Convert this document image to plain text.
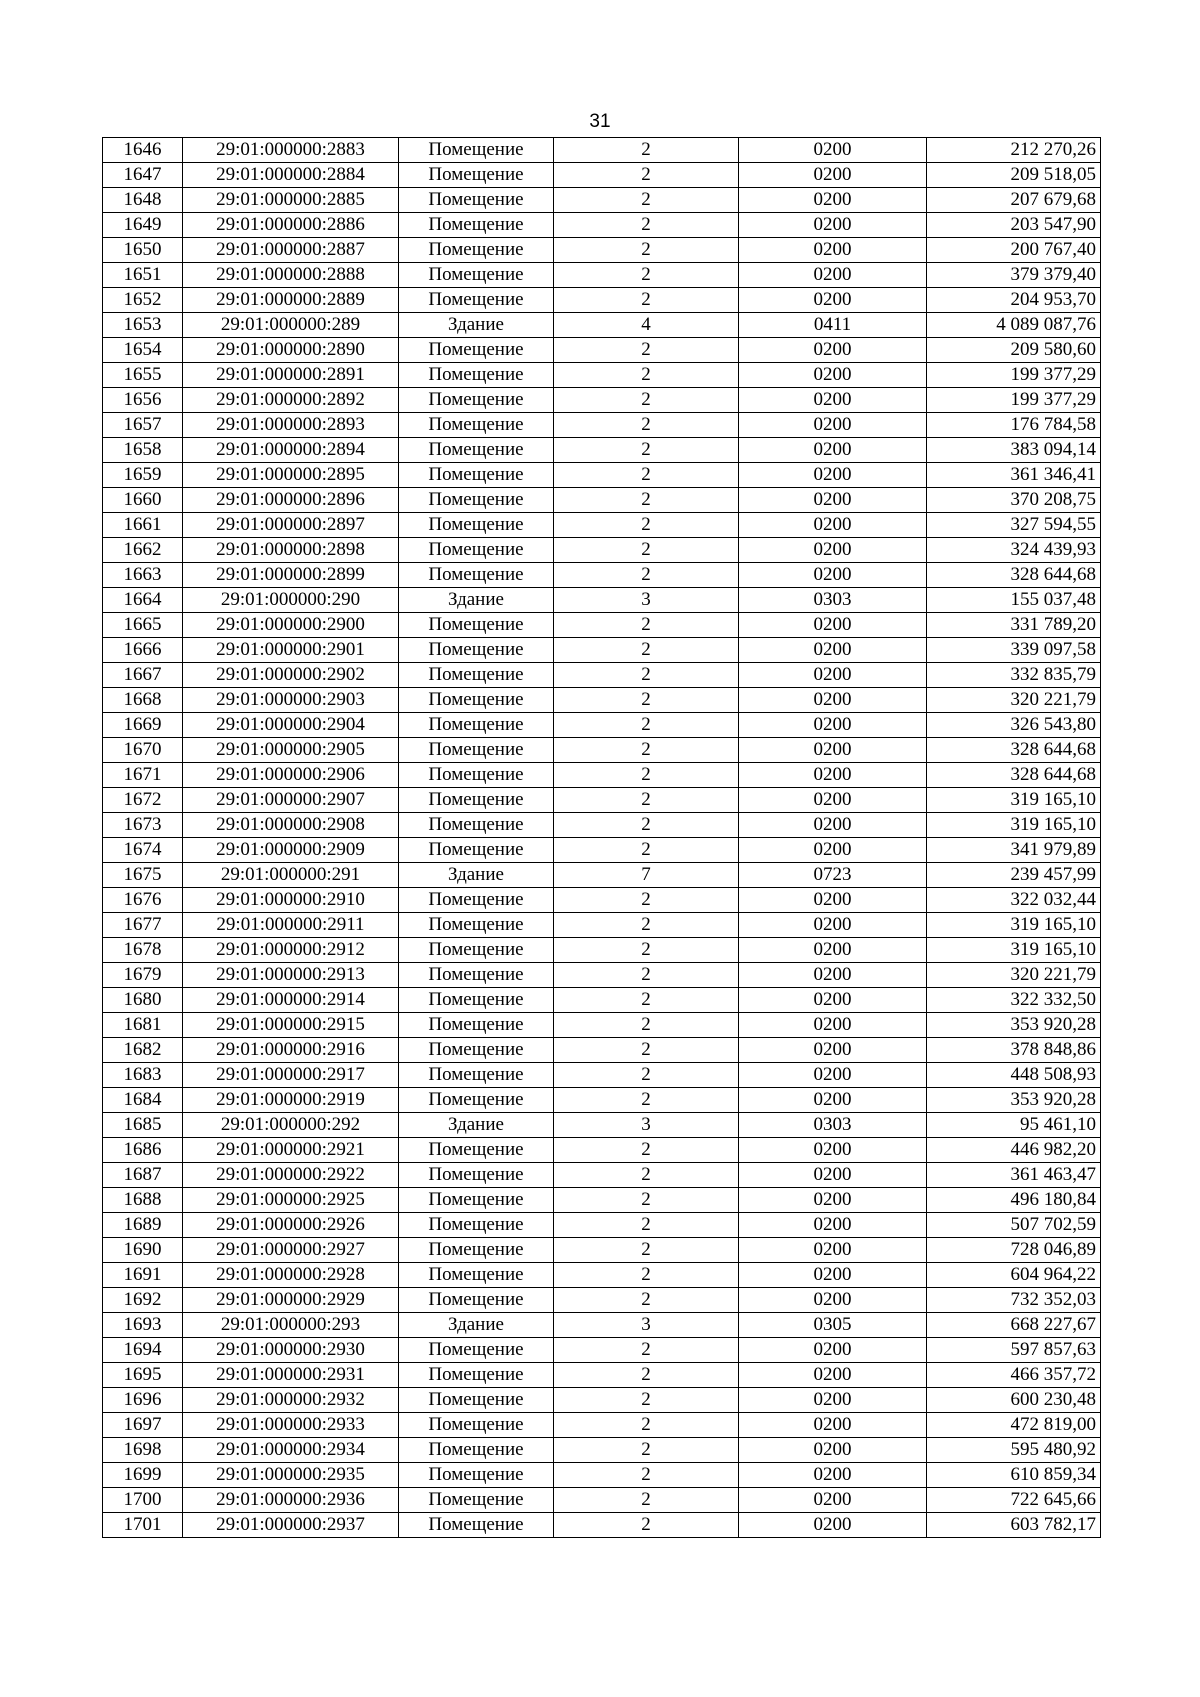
31
1646	29:01:000000:2883	Помещение	2	0200	212 270,26
1647	29:01:000000:2884	Помещение	2	0200	209 518,05
1648	29:01:000000:2885	Помещение	2	0200	207 679,68
1649	29:01:000000:2886	Помещение	2	0200	203 547,90
1650	29:01:000000:2887	Помещение	2	0200	200 767,40
1651	29:01:000000:2888	Помещение	2	0200	379 379,40
1652	29:01:000000:2889	Помещение	2	0200	204 953,70
1653	29:01:000000:289	Здание	4	0411	4 089 087,76
1654	29:01:000000:2890	Помещение	2	0200	209 580,60
1655	29:01:000000:2891	Помещение	2	0200	199 377,29
1656	29:01:000000:2892	Помещение	2	0200	199 377,29
1657	29:01:000000:2893	Помещение	2	0200	176 784,58
1658	29:01:000000:2894	Помещение	2	0200	383 094,14
1659	29:01:000000:2895	Помещение	2	0200	361 346,41
1660	29:01:000000:2896	Помещение	2	0200	370 208,75
1661	29:01:000000:2897	Помещение	2	0200	327 594,55
1662	29:01:000000:2898	Помещение	2	0200	324 439,93
1663	29:01:000000:2899	Помещение	2	0200	328 644,68
1664	29:01:000000:290	Здание	3	0303	155 037,48
1665	29:01:000000:2900	Помещение	2	0200	331 789,20
1666	29:01:000000:2901	Помещение	2	0200	339 097,58
1667	29:01:000000:2902	Помещение	2	0200	332 835,79
1668	29:01:000000:2903	Помещение	2	0200	320 221,79
1669	29:01:000000:2904	Помещение	2	0200	326 543,80
1670	29:01:000000:2905	Помещение	2	0200	328 644,68
1671	29:01:000000:2906	Помещение	2	0200	328 644,68
1672	29:01:000000:2907	Помещение	2	0200	319 165,10
1673	29:01:000000:2908	Помещение	2	0200	319 165,10
1674	29:01:000000:2909	Помещение	2	0200	341 979,89
1675	29:01:000000:291	Здание	7	0723	239 457,99
1676	29:01:000000:2910	Помещение	2	0200	322 032,44
1677	29:01:000000:2911	Помещение	2	0200	319 165,10
1678	29:01:000000:2912	Помещение	2	0200	319 165,10
1679	29:01:000000:2913	Помещение	2	0200	320 221,79
1680	29:01:000000:2914	Помещение	2	0200	322 332,50
1681	29:01:000000:2915	Помещение	2	0200	353 920,28
1682	29:01:000000:2916	Помещение	2	0200	378 848,86
1683	29:01:000000:2917	Помещение	2	0200	448 508,93
1684	29:01:000000:2919	Помещение	2	0200	353 920,28
1685	29:01:000000:292	Здание	3	0303	95 461,10
1686	29:01:000000:2921	Помещение	2	0200	446 982,20
1687	29:01:000000:2922	Помещение	2	0200	361 463,47
1688	29:01:000000:2925	Помещение	2	0200	496 180,84
1689	29:01:000000:2926	Помещение	2	0200	507 702,59
1690	29:01:000000:2927	Помещение	2	0200	728 046,89
1691	29:01:000000:2928	Помещение	2	0200	604 964,22
1692	29:01:000000:2929	Помещение	2	0200	732 352,03
1693	29:01:000000:293	Здание	3	0305	668 227,67
1694	29:01:000000:2930	Помещение	2	0200	597 857,63
1695	29:01:000000:2931	Помещение	2	0200	466 357,72
1696	29:01:000000:2932	Помещение	2	0200	600 230,48
1697	29:01:000000:2933	Помещение	2	0200	472 819,00
1698	29:01:000000:2934	Помещение	2	0200	595 480,92
1699	29:01:000000:2935	Помещение	2	0200	610 859,34
1700	29:01:000000:2936	Помещение	2	0200	722 645,66
1701	29:01:000000:2937	Помещение	2	0200	603 782,17
